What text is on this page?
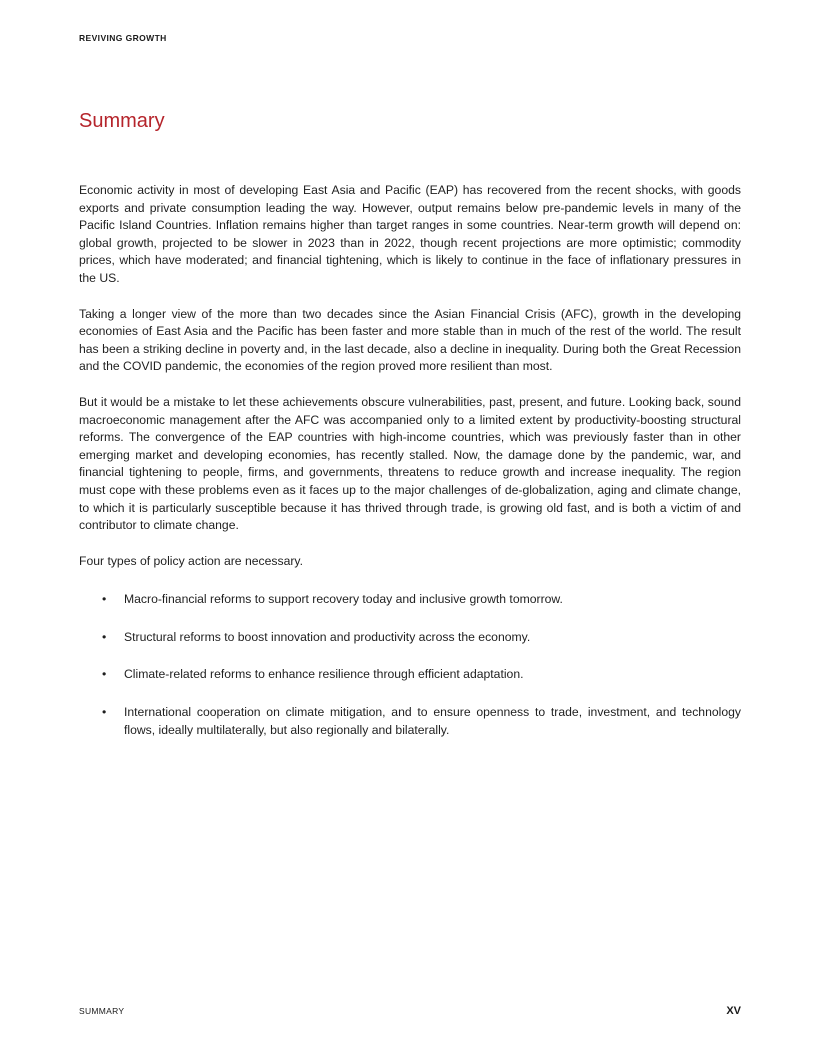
REVIVING GROWTH
Summary

Economic activity in most of developing East Asia and Pacific (EAP) has recovered from the recent shocks, with goods exports and private consumption leading the way. However, output remains below pre-pandemic levels in many of the Pacific Island Countries. Inflation remains higher than target ranges in some countries. Near-term growth will depend on: global growth, projected to be slower in 2023 than in 2022, though recent projections are more optimistic; commodity prices, which have moderated; and financial tightening, which is likely to continue in the face of inflationary pressures in the US.

Taking a longer view of the more than two decades since the Asian Financial Crisis (AFC), growth in the developing economies of East Asia and the Pacific has been faster and more stable than in much of the rest of the world. The result has been a striking decline in poverty and, in the last decade, also a decline in inequality. During both the Great Recession and the COVID pandemic, the economies of the region proved more resilient than most.

But it would be a mistake to let these achievements obscure vulnerabilities, past, present, and future. Looking back, sound macroeconomic management after the AFC was accompanied only to a limited extent by productivity-boosting structural reforms. The convergence of the EAP countries with high-income countries, which was previously faster than in other emerging market and developing economies, has recently stalled. Now, the damage done by the pandemic, war, and financial tightening to people, firms, and governments, threatens to reduce growth and increase inequality. The region must cope with these problems even as it faces up to the major challenges of de-globalization, aging and climate change, to which it is particularly susceptible because it has thrived through trade, is growing old fast, and is both a victim of and contributor to climate change.

Four types of policy action are necessary.

• Macro-financial reforms to support recovery today and inclusive growth tomorrow.
• Structural reforms to boost innovation and productivity across the economy.
• Climate-related reforms to enhance resilience through efficient adaptation.
• International cooperation on climate mitigation, and to ensure openness to trade, investment, and technology flows, ideally multilaterally, but also regionally and bilaterally.
SUMMARY	XV
